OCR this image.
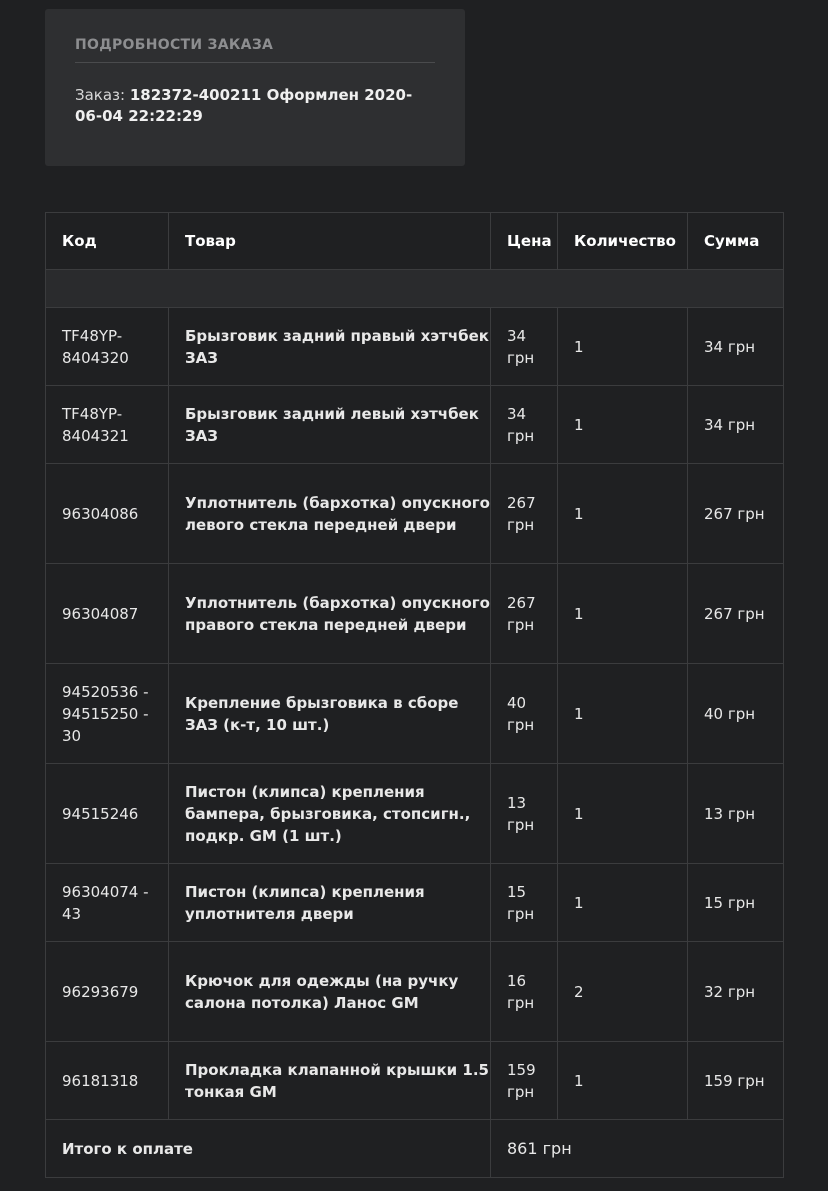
ПОДРОБНОСТИ ЗАКАЗА
Заказ: 182372-400211 Оформлен 2020-06-04 22:22:29
Код	Товар	Цена	Количество	Сумма

TF48YP-8404320	Брызговик задний правый хэтчбек ЗАЗ	34 грн	1	34 грн
TF48YP-8404321	Брызговик задний левый хэтчбек ЗАЗ	34 грн	1	34 грн
96304086	Уплотнитель (бархотка) опускного левого стекла передней двери	267 грн	1	267 грн
96304087	Уплотнитель (бархотка) опускного правого стекла передней двери	267 грн	1	267 грн
94520536 - 94515250 - 30	Крепление брызговика в сборе ЗАЗ (к-т, 10 шт.)	40 грн	1	40 грн
94515246	Пистон (клипса) крепления бампера, брызговика, стопсигн., подкр. GM (1 шт.)	13 грн	1	13 грн
96304074 - 43	Пистон (клипса) крепления уплотнителя двери	15 грн	1	15 грн
96293679	Крючок для одежды (на ручку салона потолка) Ланос GM	16 грн	2	32 грн
96181318	Прокладка клапанной крышки 1.5 тонкая GM	159 грн	1	159 грн
Итого к оплате		861 грн		
